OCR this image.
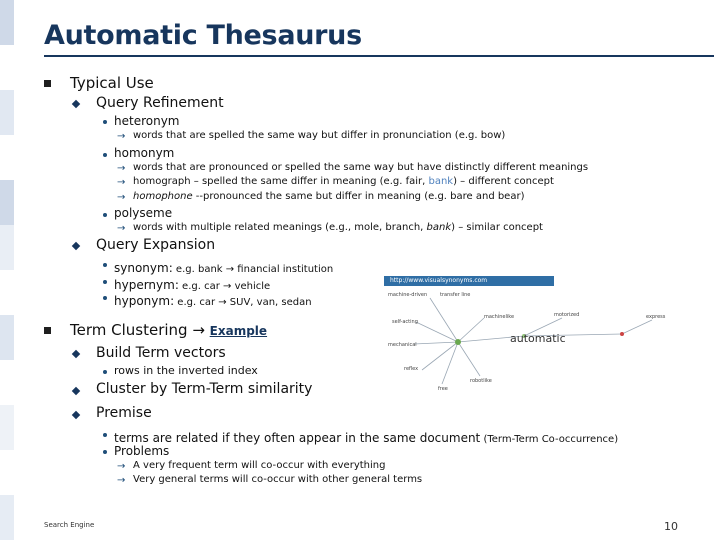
Automatic Thesaurus
Typical Use
Query Refinement
heteronym
→ words that are spelled the same way but differ in pronunciation (e.g. bow)
homonym
→ words that are pronounced or spelled the same way but have distinctly different meanings
→ homograph – spelled the same differ in meaning (e.g. fair, bank) – different concept
→ homophone --pronounced the same but differ in meaning (e.g. bare and bear)
polyseme
→ words with multiple related meanings (e.g., mole, branch, bank) – similar concept
Query Expansion
synonym: e.g. bank → financial institution
hypernym: e.g. car → vehicle
hyponym: e.g. car → SUV, van, sedan
http://www.visualsynonyms.com
machine-driven	transfer line
self-acting
mechanical
reflex
machinelike
robotlike
free
motorized	express
automatic
Term Clustering → Example
Build Term vectors
rows in the inverted index
Cluster by Term-Term similarity
Premise
terms are related if they often appear in the same document (Term-Term Co-occurrence)
Problems
→ A very frequent term will co-occur with everything
→ Very general terms will co-occur with other general terms
Search Engine	10
